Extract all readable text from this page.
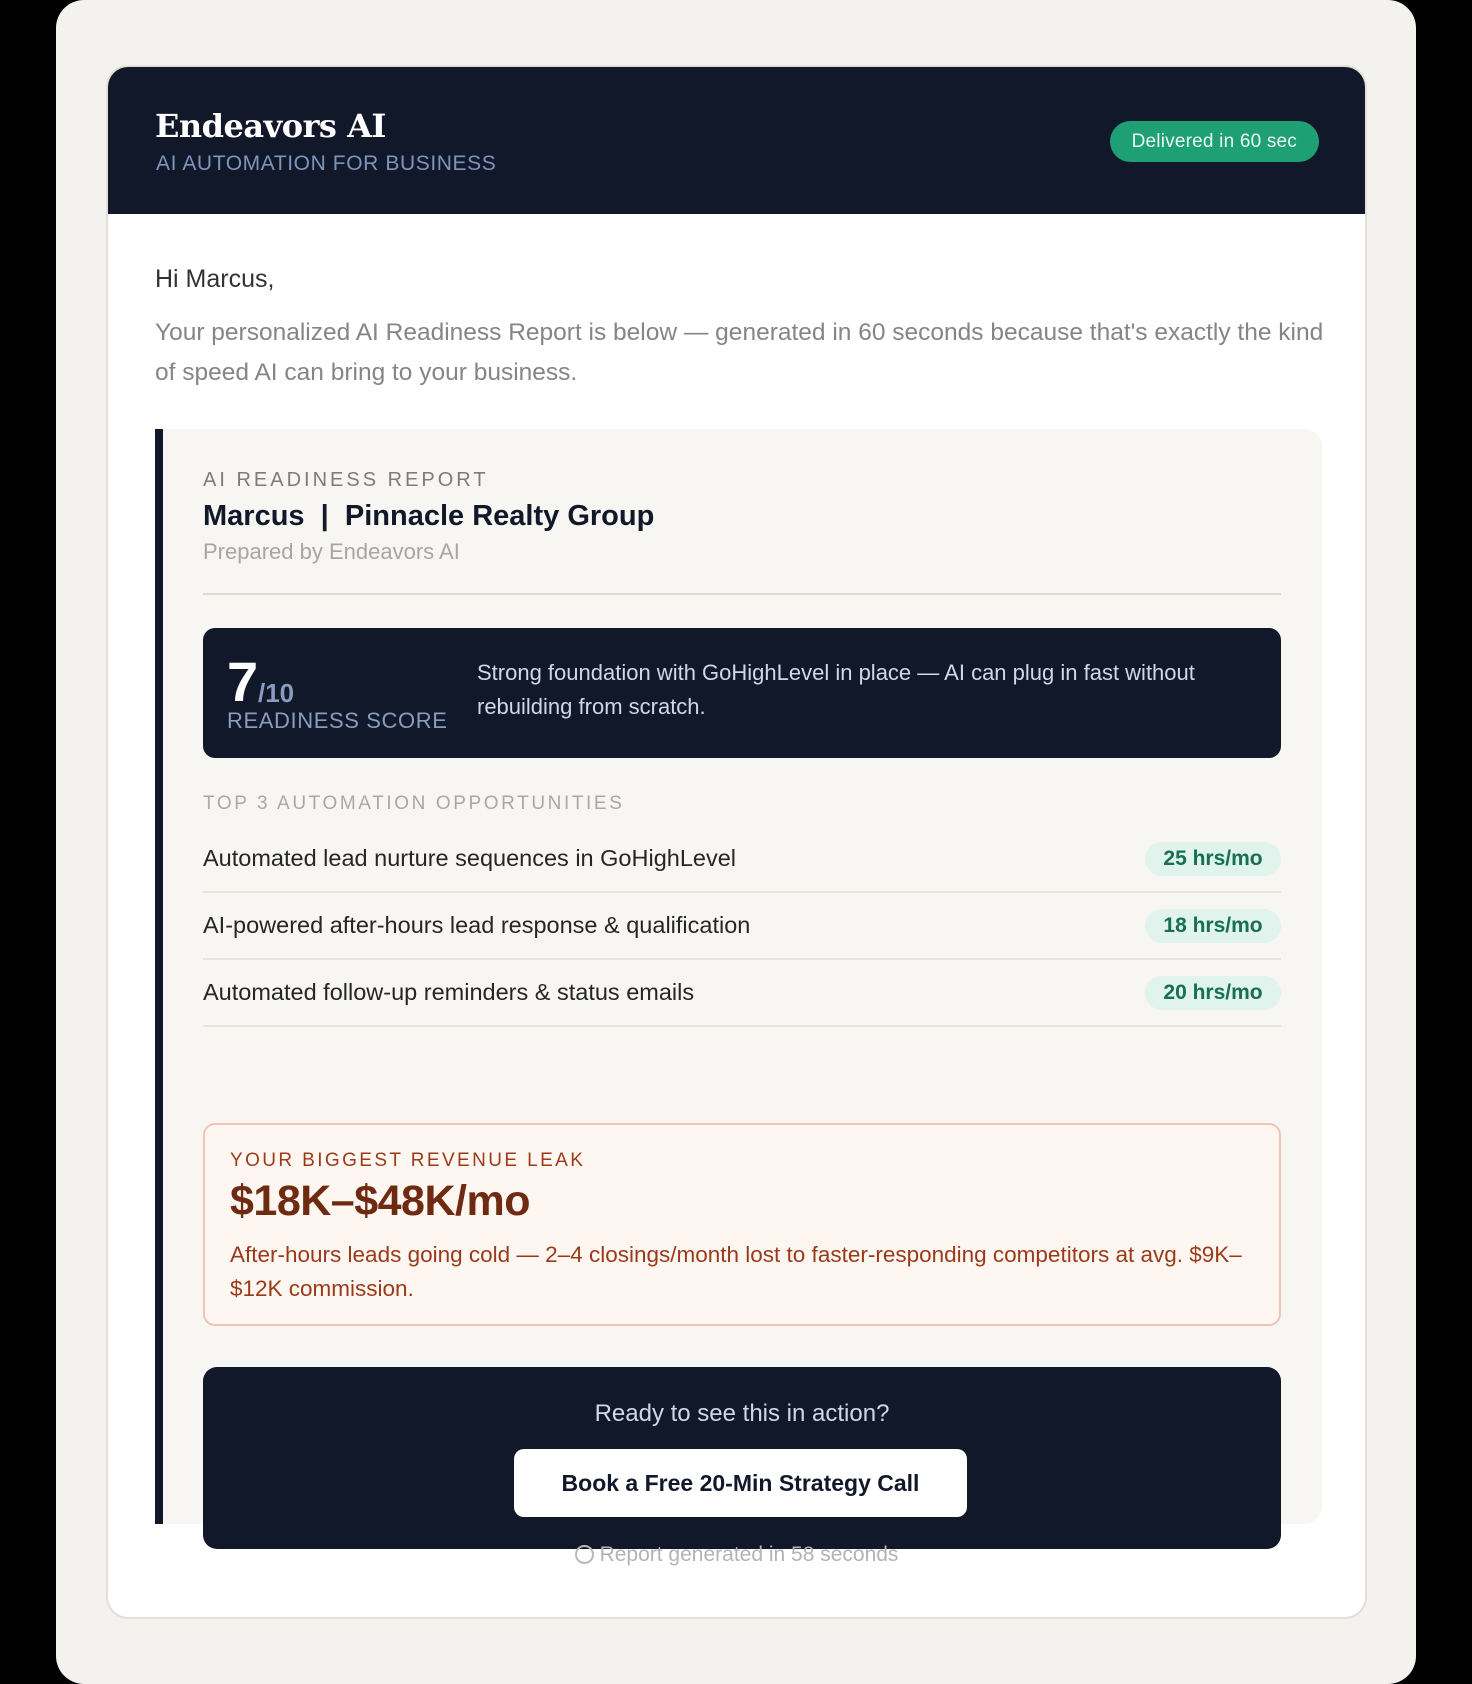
Endeavors AI
AI AUTOMATION FOR BUSINESS
Delivered in 60 sec
Hi Marcus,
Your personalized AI Readiness Report is below — generated in 60 seconds because that's exactly the kind of speed AI can bring to your business.
AI READINESS REPORT
Marcus  |  Pinnacle Realty Group
Prepared by Endeavors AI
7 /10
READINESS SCORE
Strong foundation with GoHighLevel in place — AI can plug in fast without rebuilding from scratch.
TOP 3 AUTOMATION OPPORTUNITIES
Automated lead nurture sequences in GoHighLevel	25 hrs/mo
AI-powered after-hours lead response & qualification	18 hrs/mo
Automated follow-up reminders & status emails	20 hrs/mo
YOUR BIGGEST REVENUE LEAK
$18K–$48K/mo
After-hours leads going cold — 2–4 closings/month lost to faster-responding competitors at avg. $9K–$12K commission.
Ready to see this in action?
Book a Free 20-Min Strategy Call
Report generated in 58 seconds
